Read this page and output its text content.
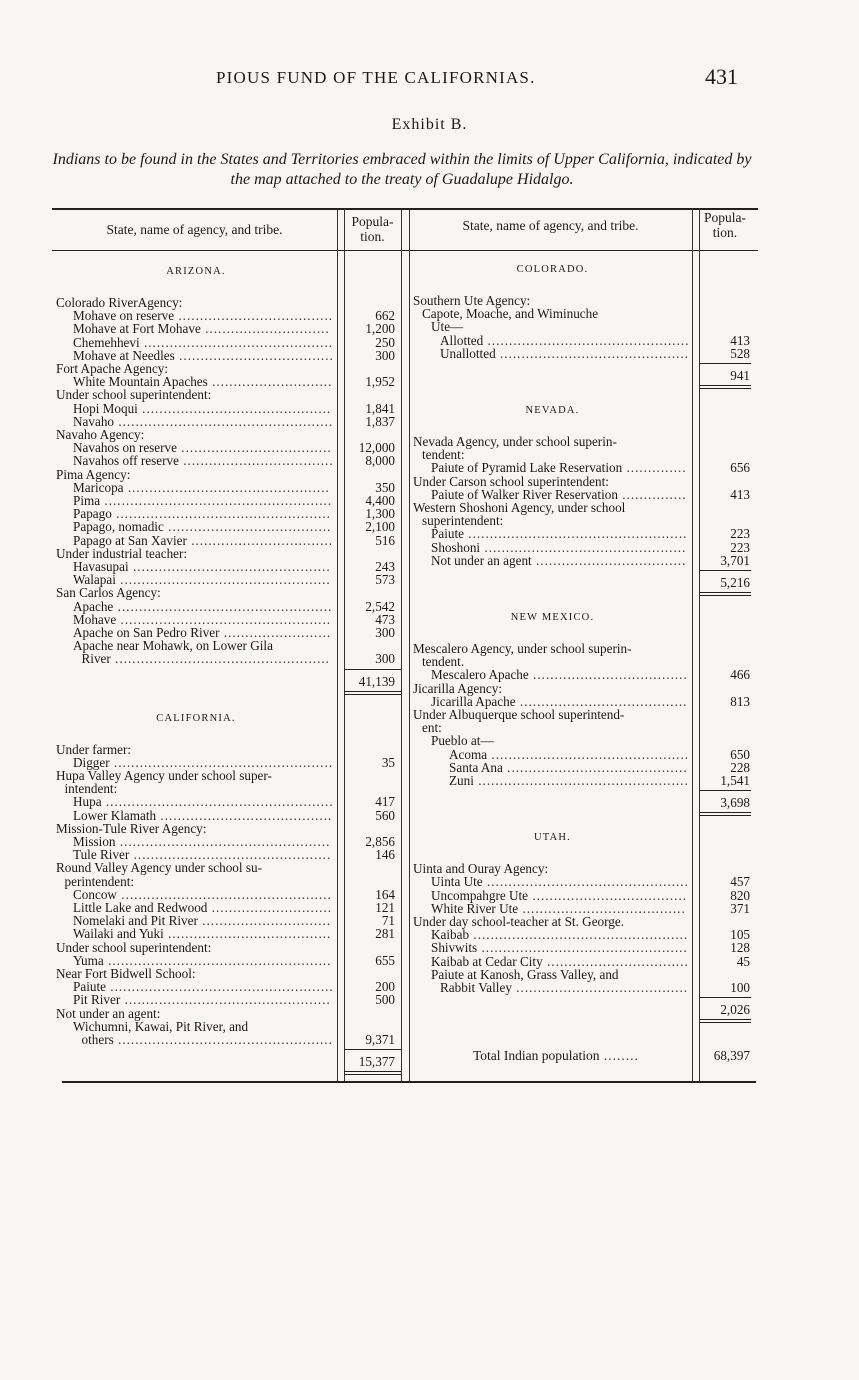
PIOUS FUND OF THE CALIFORNIAS.	431
Exhibit B.
Indians to be found in the States and Territories embraced within the limits of Upper California, indicated by the map attached to the treaty of Guadalupe Hidalgo.
State, name of agency, and tribe.
Popula-
tion.
State, name of agency, and tribe.
Popula-
tion.
ARIZONA.
Colorado RiverAgency:
Mohave on reserve ....................................	662
Mohave at Fort Mohave .............................	1,200
Chemehhevi ............................................	250
Mohave at Needles ....................................	300
Fort Apache Agency:
White Mountain Apaches ............................ 1,952
Under school superintendent:
Hopi Moqui ............................................	1,841
Navaho .................................................. 1,837
Navaho Agency:
Navahos on reserve ................................... 12,000
Navahos off reserve ................................... 8,000
Pima Agency:
Maricopa ...............................................	350
Pima .....................................................	4,400
Papago ..................................................	1,300
Papago, nomadic ......................................	2,100
Papago at San Xavier .................................	516
Under industrial teacher:
Havasupai ..............................................	243
Walapai .................................................	573
San Carlos Agency:
Apache .................................................. 2,542
Mohave .................................................	473
Apache on San Pedro River .........................	300
Apache near Mohawk, on Lower Gila
River ..................................................	300
41,139
CALIFORNIA.
Under farmer:
Digger ...................................................	35
Hupa Valley Agency under school super-
intendent:
Hupa .....................................................	417
Lower Klamath ........................................	560
Mission-Tule River Agency:
Mission .................................................	2,856
Tule River ..............................................	146
Round Valley Agency under school su-
perintendent:
Concow .................................................	164
Little Lake and Redwood ............................	121
Nomelaki and Pit River ..............................	71
Wailaki and Yuki ......................................	281
Under school superintendent:
Yuma ....................................................	655
Near Fort Bidwell School:
Paiute ....................................................	200
Pit River ................................................	500
Not under an agent:
Wichumni, Kawai, Pit River, and
others .................................................. 9,371
15,377
COLORADO.
Southern Ute Agency:
Capote, Moache, and Wiminuche
Ute—
Allotted ...............................................	413
Unallotted ............................................	528
941
NEVADA.
Nevada Agency, under school superin-
tendent:
Paiute of Pyramid Lake Reservation ..............	656
Under Carson school superintendent:
Paiute of Walker River Reservation ...............	413
Western Shoshoni Agency, under school
superintendent:
Paiute ...................................................	223
Shoshoni ...............................................	223
Not under an agent ...................................	3,701
5,216
NEW MEXICO.
Mescalero Agency, under school superin-
tendent.
Mescalero Apache ....................................	466
Jicarilla Agency:
Jicarilla Apache .......................................	813
Under Albuquerque school superintend-
ent:
Pueblo at—
Acoma ..............................................	650
Santa Ana ..........................................	228
Zuni ................................................. 1,541
3,698
UTAH.
Uinta and Ouray Agency:
Uinta Ute ...............................................	457
Uncompahgre Ute ....................................	820
White River Ute ......................................	371
Under day school-teacher at St. George.
Kaibab ..................................................	105
Shivwits ................................................	128
Kaibab at Cedar City .................................	45
Paiute at Kanosh, Grass Valley, and
Rabbit Valley ........................................	100
2,026
Total Indian population ........	68,397
